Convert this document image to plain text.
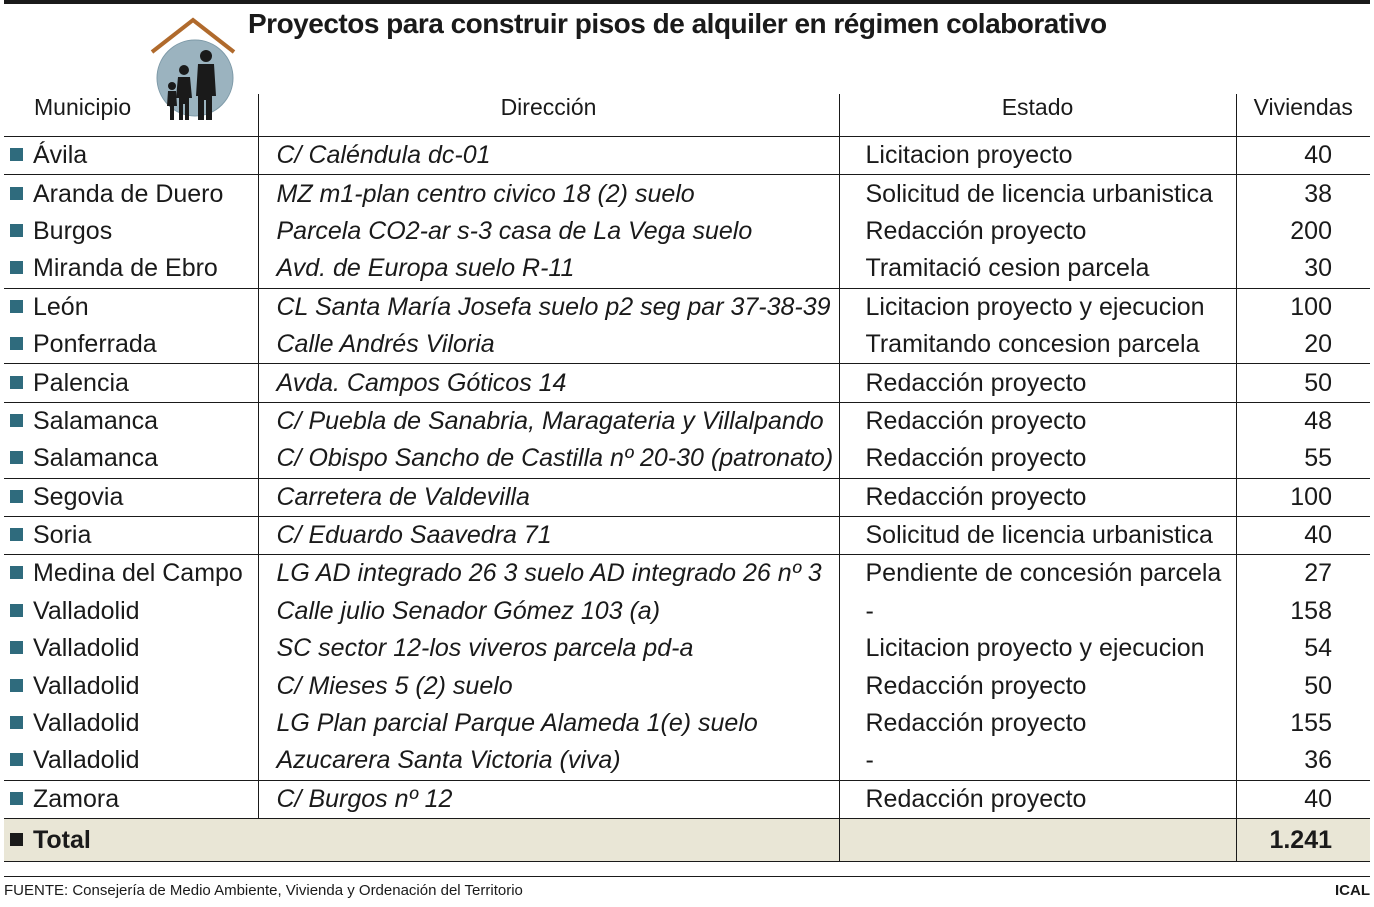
Proyectos para construir pisos de alquiler en régimen colaborativo
Municipio	Dirección	Estado	Viviendas
Ávila	C/ Caléndula dc-01	Licitacion proyecto	40
Aranda de Duero	MZ m1-plan centro civico 18 (2) suelo	Solicitud de licencia urbanistica	38
Burgos	Parcela CO2-ar s-3 casa de La Vega suelo	Redacción proyecto	200
Miranda de Ebro	Avd. de Europa suelo R-11	Tramitació cesion parcela	30
León	CL Santa María Josefa suelo p2 seg par 37-38-39	Licitacion proyecto y ejecucion	100
Ponferrada	Calle Andrés Viloria	Tramitando concesion parcela	20
Palencia	Avda. Campos Góticos 14	Redacción proyecto	50
Salamanca	C/ Puebla de Sanabria, Maragateria y Villalpando	Redacción proyecto	48
Salamanca	C/ Obispo Sancho de Castilla nº 20-30 (patronato)	Redacción proyecto	55
Segovia	Carretera de Valdevilla	Redacción proyecto	100
Soria	C/ Eduardo Saavedra 71	Solicitud de licencia urbanistica	40
Medina del Campo	LG AD integrado 26 3 suelo AD integrado 26 nº 3	Pendiente de concesión parcela	27
Valladolid	Calle julio Senador Gómez 103 (a)	-	158
Valladolid	SC sector 12-los viveros parcela pd-a	Licitacion proyecto y ejecucion	54
Valladolid	C/ Mieses 5 (2) suelo	Redacción proyecto	50
Valladolid	LG Plan parcial Parque Alameda 1(e) suelo	Redacción proyecto	155
Valladolid	Azucarera Santa Victoria (viva)	-	36
Zamora	C/ Burgos nº 12	Redacción proyecto	40
Total			1.241
FUENTE: Consejería de Medio Ambiente, Vivienda y Ordenación del Territorio	ICAL
